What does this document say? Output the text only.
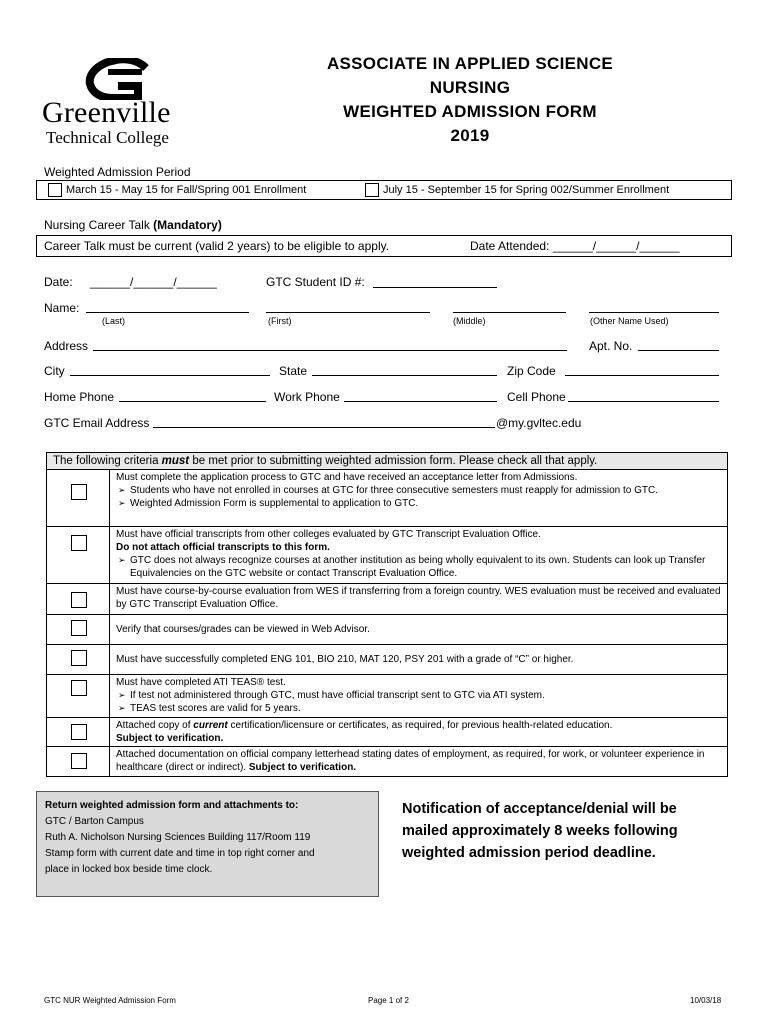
Greenville
Technical College
ASSOCIATE IN APPLIED SCIENCE
NURSING
WEIGHTED ADMISSION FORM
2019
Weighted Admission Period
March 15 - May 15 for Fall/Spring 001 Enrollment	July 15 - September 15 for Spring 002/Summer Enrollment
Nursing Career Talk (Mandatory)
Career Talk must be current (valid 2 years) to be eligible to apply.	Date Attended: ______/______/______
Date: ______/______/______	GTC Student ID #:
Name:
(Last)	(First)	(Middle)	(Other Name Used)
Address	Apt. No.
City	State	Zip Code
Home Phone	Work Phone	Cell Phone
GTC Email Address	@my.gvltec.edu
The following criteria must be met prior to submitting weighted admission form. Please check all that apply.
Must complete the application process to GTC and have received an acceptance letter from Admissions.
➢ Students who have not enrolled in courses at GTC for three consecutive semesters must reapply for admission to GTC.
➢ Weighted Admission Form is supplemental to application to GTC.
Must have official transcripts from other colleges evaluated by GTC Transcript Evaluation Office.
Do not attach official transcripts to this form.
➢ GTC does not always recognize courses at another institution as being wholly equivalent to its own. Students can look up Transfer Equivalencies on the GTC website or contact Transcript Evaluation Office.
Must have course-by-course evaluation from WES if transferring from a foreign country. WES evaluation must be received and evaluated by GTC Transcript Evaluation Office.
Verify that courses/grades can be viewed in Web Advisor.
Must have successfully completed ENG 101, BIO 210, MAT 120, PSY 201 with a grade of “C” or higher.
Must have completed ATI TEAS® test.
➢ If test not administered through GTC, must have official transcript sent to GTC via ATI system.
➢ TEAS test scores are valid for 5 years.
Attached copy of current certification/licensure or certificates, as required, for previous health-related education.
Subject to verification.
Attached documentation on official company letterhead stating dates of employment, as required, for work, or volunteer experience in healthcare (direct or indirect). Subject to verification.
Return weighted admission form and attachments to:
GTC / Barton Campus
Ruth A. Nicholson Nursing Sciences Building 117/Room 119
Stamp form with current date and time in top right corner and
place in locked box beside time clock.
Notification of acceptance/denial will be mailed approximately 8 weeks following weighted admission period deadline.
GTC NUR Weighted Admission Form	Page 1 of 2	10/03/18
